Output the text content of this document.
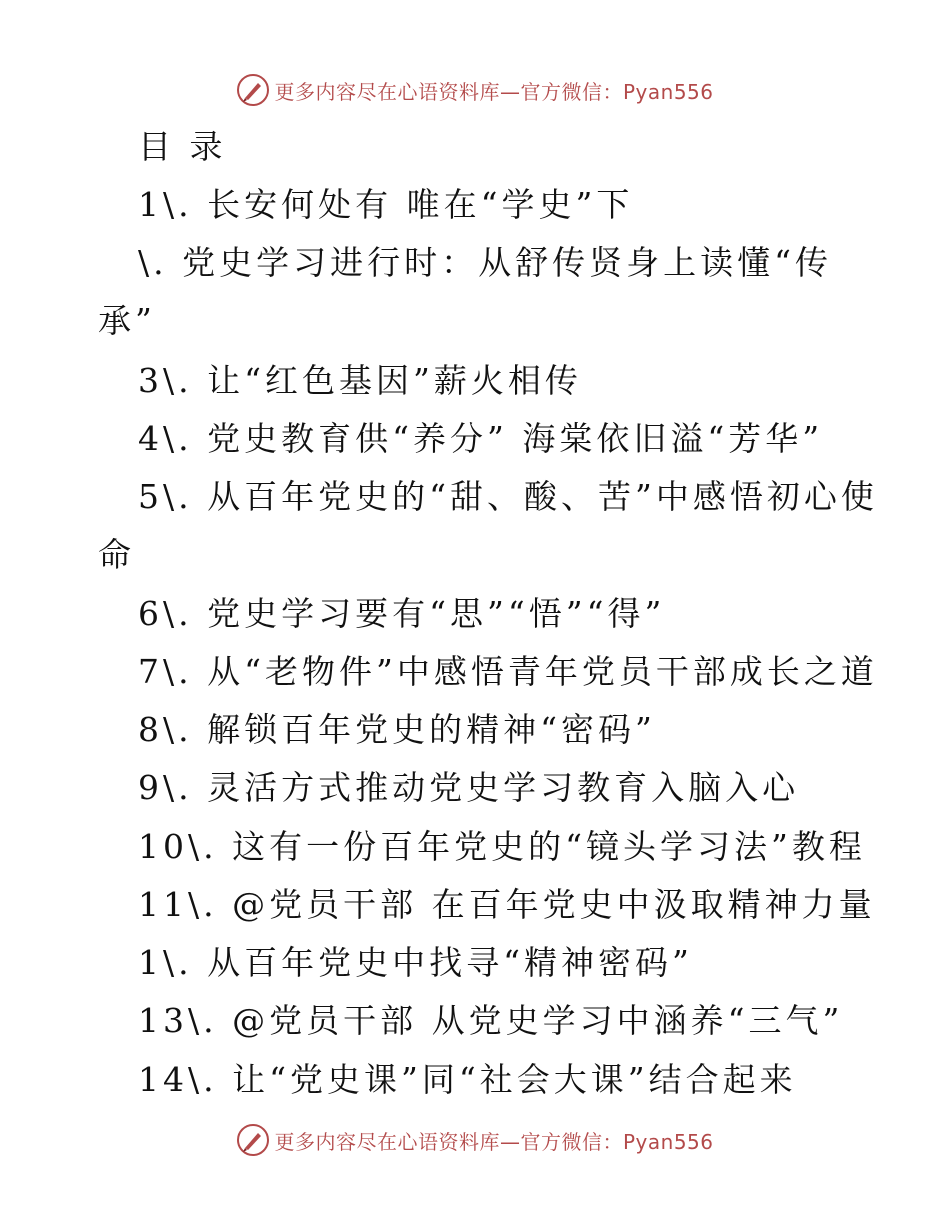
更多内容尽在心语资料库—官方微信：Pyan556
目 录
1\. 长安何处有 唯在“学史”下
\. 党史学习进行时：从舒传贤身上读懂“传
承”
3\. 让“红色基因”薪火相传
4\. 党史教育供“养分” 海棠依旧溢“芳华”
5\. 从百年党史的“甜、酸、苦”中感悟初心使
命
6\. 党史学习要有“思”“悟”“得”
7\. 从“老物件”中感悟青年党员干部成长之道
8\. 解锁百年党史的精神“密码”
9\. 灵活方式推动党史学习教育入脑入心
10\. 这有一份百年党史的“镜头学习法”教程
11\. @党员干部 在百年党史中汲取精神力量
1\. 从百年党史中找寻“精神密码”
13\. @党员干部 从党史学习中涵养“三气”
14\. 让“党史课”同“社会大课”结合起来
更多内容尽在心语资料库—官方微信：Pyan556
